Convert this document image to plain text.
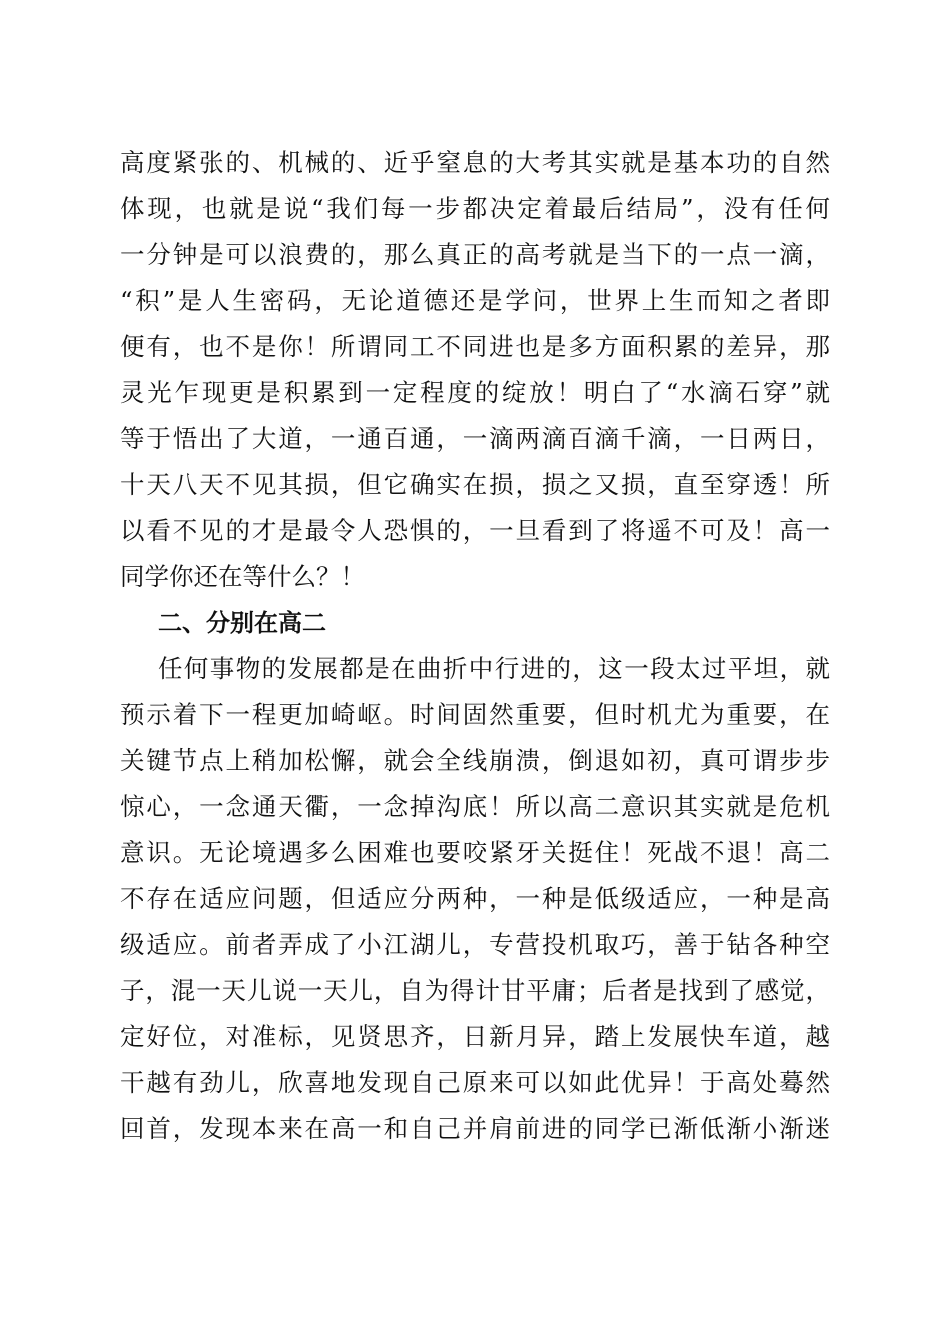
高度紧张的、机械的、近乎窒息的大考其实就是基本功的自然
体现，也就是说“我们每一步都决定着最后结局”，没有任何
一分钟是可以浪费的，那么真正的高考就是当下的一点一滴，
“积”是人生密码，无论道德还是学问，世界上生而知之者即
便有，也不是你！所谓同工不同进也是多方面积累的差异，那
灵光乍现更是积累到一定程度的绽放！明白了“水滴石穿”就
等于悟出了大道，一通百通，一滴两滴百滴千滴，一日两日，
十天八天不见其损，但它确实在损，损之又损，直至穿透！所
以看不见的才是最令人恐惧的，一旦看到了将遥不可及！高一
同学你还在等什么？！
二、分别在高二
任何事物的发展都是在曲折中行进的，这一段太过平坦，就
预示着下一程更加崎岖。时间固然重要，但时机尤为重要，在
关键节点上稍加松懈，就会全线崩溃，倒退如初，真可谓步步
惊心，一念通天衢，一念掉沟底！所以高二意识其实就是危机
意识。无论境遇多么困难也要咬紧牙关挺住！死战不退！高二
不存在适应问题，但适应分两种，一种是低级适应，一种是高
级适应。前者弄成了小江湖儿，专营投机取巧，善于钻各种空
子，混一天儿说一天儿，自为得计甘平庸；后者是找到了感觉，
定好位，对准标，见贤思齐，日新月异，踏上发展快车道，越
干越有劲儿，欣喜地发现自己原来可以如此优异！于高处蓦然
回首，发现本来在高一和自己并肩前进的同学已渐低渐小渐迷
